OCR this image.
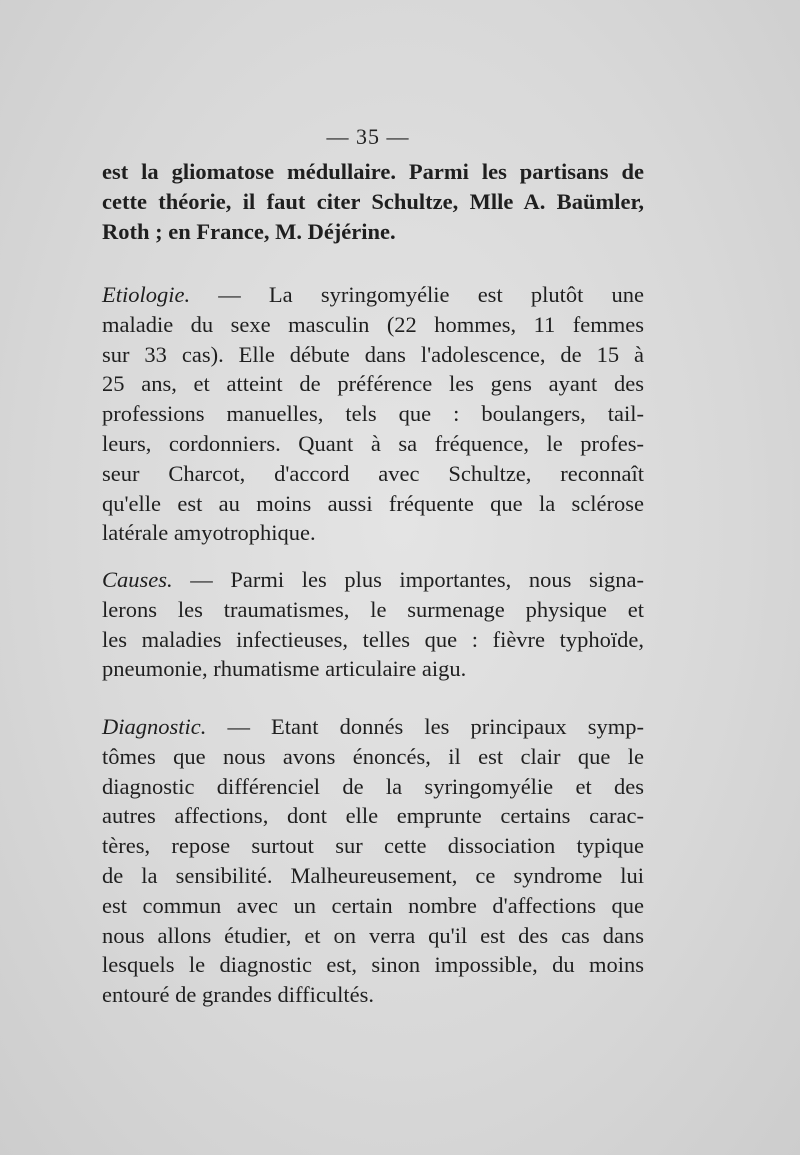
— 35 —
est la gliomatose médullaire. Parmi les partisans de
cette théorie, il faut citer Schultze, Mlle A. Baümler,
Roth ; en France, M. Déjérine.
Etiologie. — La syringomyélie est plutôt une
maladie du sexe masculin (22 hommes, 11 femmes
sur 33 cas). Elle débute dans l'adolescence, de 15 à
25 ans, et atteint de préférence les gens ayant des
professions manuelles, tels que : boulangers, tail-
leurs, cordonniers. Quant à sa fréquence, le profes-
seur Charcot, d'accord avec Schultze, reconnaît
qu'elle est au moins aussi fréquente que la sclérose
latérale amyotrophique.
Causes. — Parmi les plus importantes, nous signa-
lerons les traumatismes, le surmenage physique et
les maladies infectieuses, telles que : fièvre typhoïde,
pneumonie, rhumatisme articulaire aigu.
Diagnostic. — Etant donnés les principaux symp-
tômes que nous avons énoncés, il est clair que le
diagnostic différenciel de la syringomyélie et des
autres affections, dont elle emprunte certains carac-
tères, repose surtout sur cette dissociation typique
de la sensibilité. Malheureusement, ce syndrome lui
est commun avec un certain nombre d'affections que
nous allons étudier, et on verra qu'il est des cas dans
lesquels le diagnostic est, sinon impossible, du moins
entouré de grandes difficultés.
